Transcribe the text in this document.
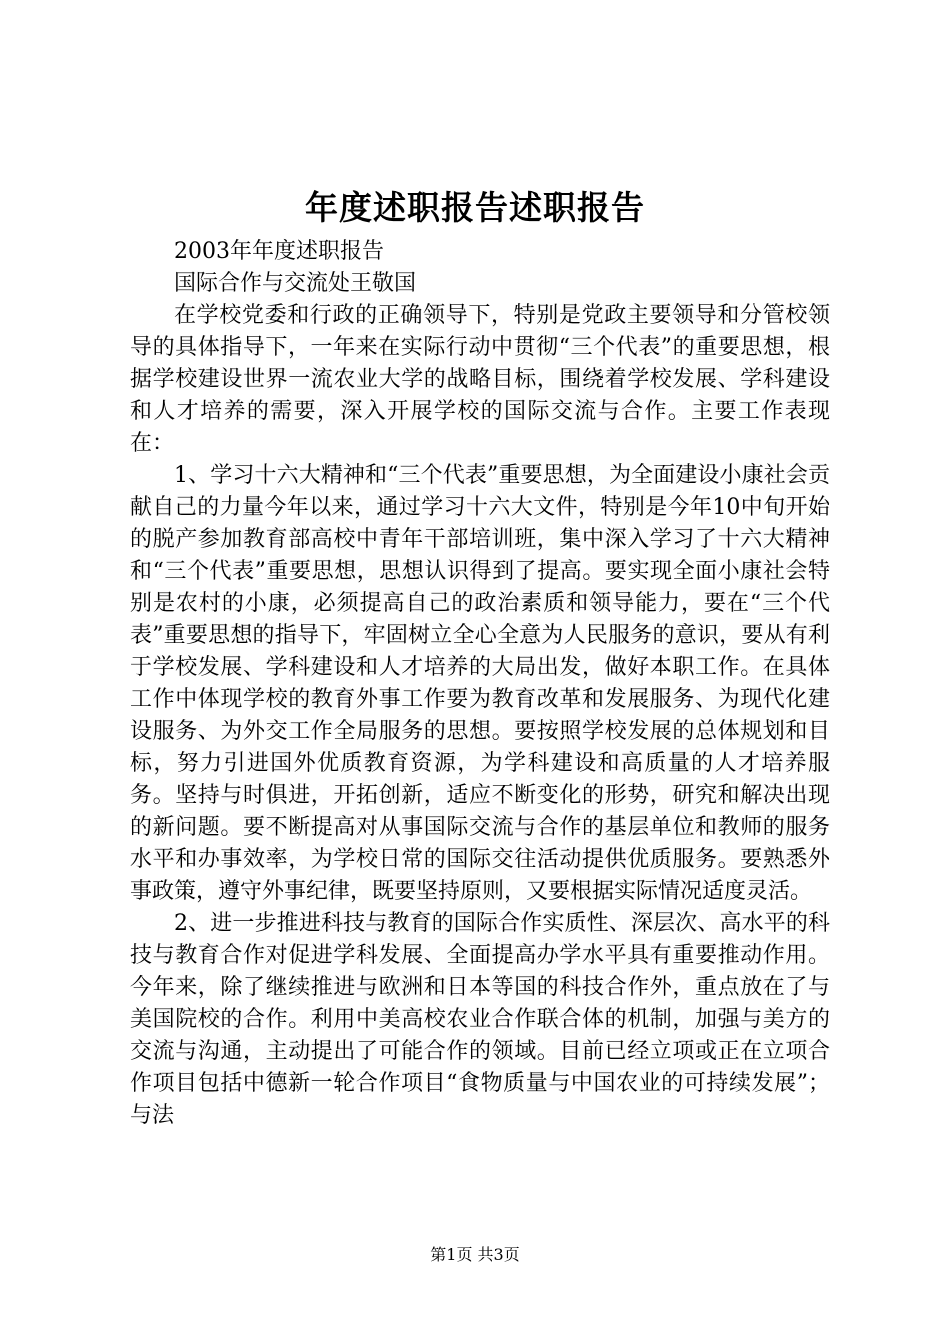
年度述职报告述职报告

2003年年度述职报告

国际合作与交流处王敬国

在学校党委和行政的正确领导下，特别是党政主要领导和分管校领导的具体指导下，一年来在实际行动中贯彻“三个代表”的重要思想，根据学校建设世界一流农业大学的战略目标，围绕着学校发展、学科建设和人才培养的需要，深入开展学校的国际交流与合作。主要工作表现在：

1、学习十六大精神和“三个代表”重要思想，为全面建设小康社会贡献自己的力量今年以来，通过学习十六大文件，特别是今年10中旬开始的脱产参加教育部高校中青年干部培训班，集中深入学习了十六大精神和“三个代表”重要思想，思想认识得到了提高。要实现全面小康社会特别是农村的小康，必须提高自己的政治素质和领导能力，要在“三个代表”重要思想的指导下，牢固树立全心全意为人民服务的意识，要从有利于学校发展、学科建设和人才培养的大局出发，做好本职工作。在具体工作中体现学校的教育外事工作要为教育改革和发展服务、为现代化建设服务、为外交工作全局服务的思想。要按照学校发展的总体规划和目标，努力引进国外优质教育资源，为学科建设和高质量的人才培养服务。坚持与时俱进，开拓创新，适应不断变化的形势，研究和解决出现的新问题。要不断提高对从事国际交流与合作的基层单位和教师的服务水平和办事效率，为学校日常的国际交往活动提供优质服务。要熟悉外事政策，遵守外事纪律，既要坚持原则，又要根据实际情况适度灵活。

2、进一步推进科技与教育的国际合作实质性、深层次、高水平的科技与教育合作对促进学科发展、全面提高办学水平具有重要推动作用。今年来，除了继续推进与欧洲和日本等国的科技合作外，重点放在了与美国院校的合作。利用中美高校农业合作联合体的机制，加强与美方的交流与沟通，主动提出了可能合作的领域。目前已经立项或正在立项合作项目包括中德新一轮合作项目“食物质量与中国农业的可持续发展”；与法

第1页 共3页
